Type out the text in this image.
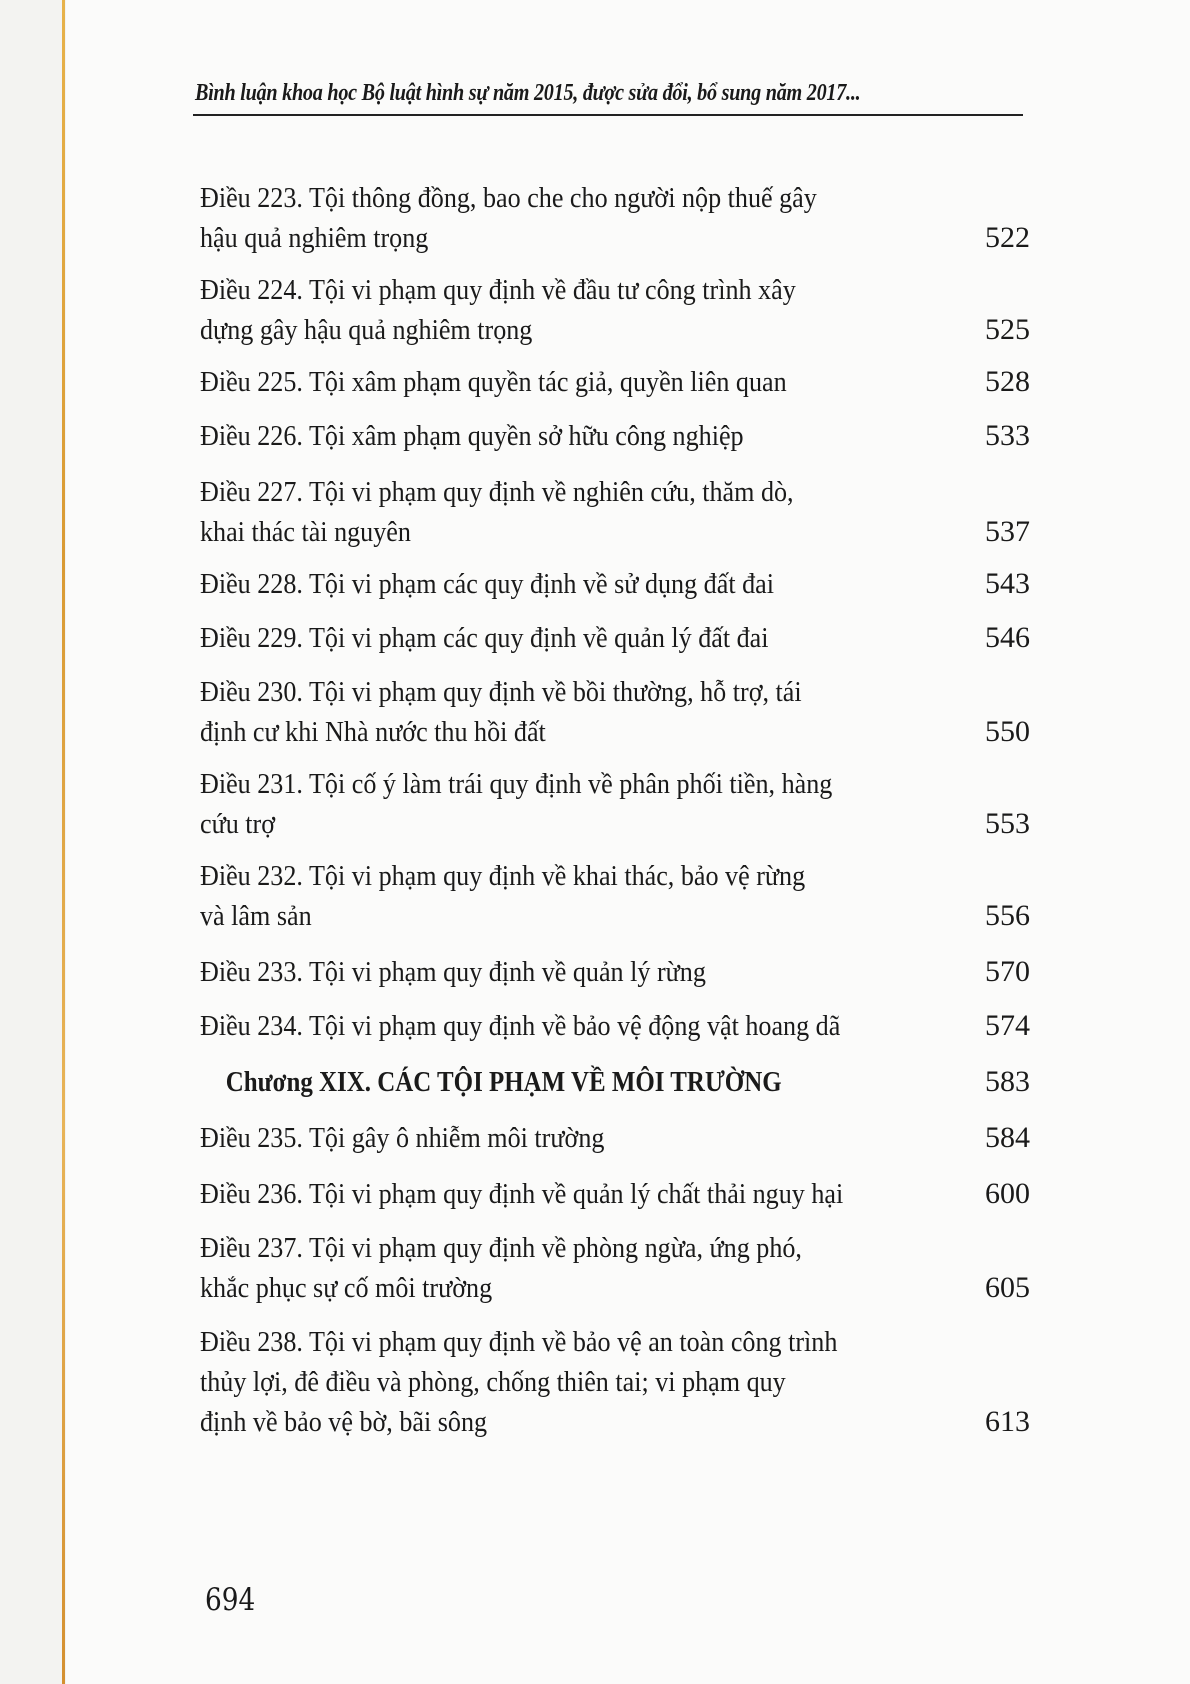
Bình luận khoa học Bộ luật hình sự năm 2015, được sửa đổi, bổ sung năm 2017...
Điều 223. Tội thông đồng, bao che cho người nộp thuế gây
hậu quả nghiêm trọng	522
Điều 224. Tội vi phạm quy định về đầu tư công trình xây
dựng gây hậu quả nghiêm trọng	525
Điều 225. Tội xâm phạm quyền tác giả, quyền liên quan	528
Điều 226. Tội xâm phạm quyền sở hữu công nghiệp	533
Điều 227. Tội vi phạm quy định về nghiên cứu, thăm dò,
khai thác tài nguyên	537
Điều 228. Tội vi phạm các quy định về sử dụng đất đai	543
Điều 229. Tội vi phạm các quy định về quản lý đất đai	546
Điều 230. Tội vi phạm quy định về bồi thường, hỗ trợ, tái
định cư khi Nhà nước thu hồi đất	550
Điều 231. Tội cố ý làm trái quy định về phân phối tiền, hàng
cứu trợ	553
Điều 232. Tội vi phạm quy định về khai thác, bảo vệ rừng
và lâm sản	556
Điều 233. Tội vi phạm quy định về quản lý rừng	570
Điều 234. Tội vi phạm quy định về bảo vệ động vật hoang dã	574
Chương XIX. CÁC TỘI PHẠM VỀ MÔI TRƯỜNG	583
Điều 235. Tội gây ô nhiễm môi trường	584
Điều 236. Tội vi phạm quy định về quản lý chất thải nguy hại	600
Điều 237. Tội vi phạm quy định về phòng ngừa, ứng phó,
khắc phục sự cố môi trường	605
Điều 238. Tội vi phạm quy định về bảo vệ an toàn công trình
thủy lợi, đê điều và phòng, chống thiên tai; vi phạm quy
định về bảo vệ bờ, bãi sông	613
694
